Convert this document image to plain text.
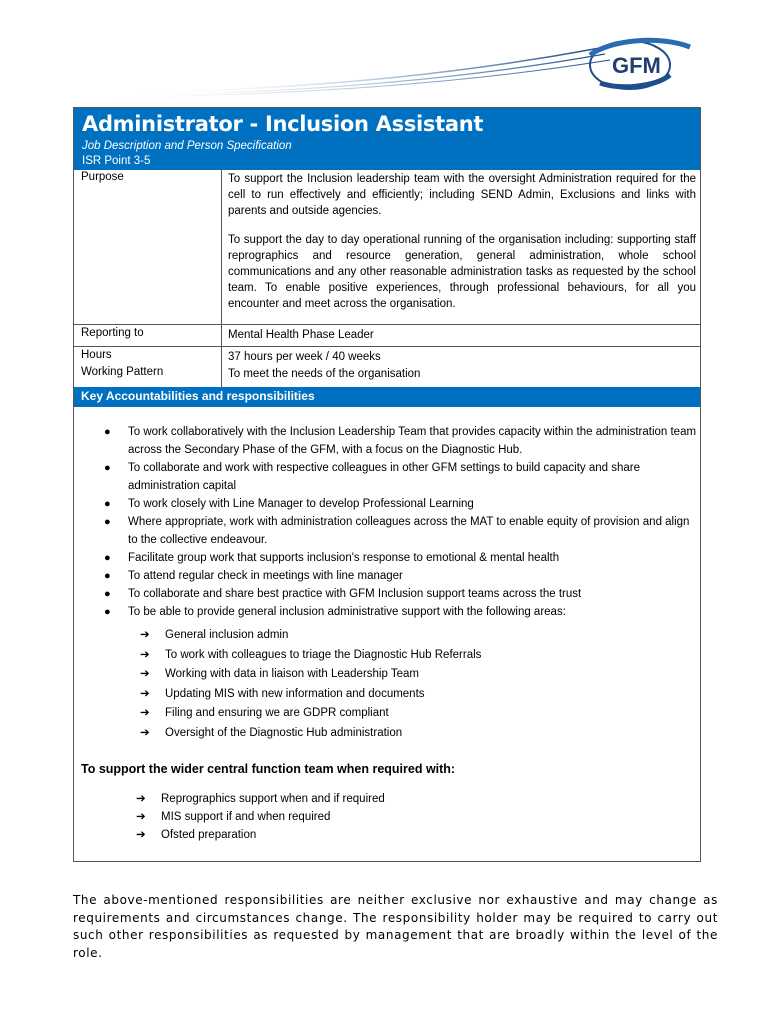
GFM
Administrator - Inclusion Assistant
Job Description and Person Specification
ISR Point 3-5
Purpose	To support the Inclusion leadership team with the oversight Administration required for the cell to run effectively and efficiently; including SEND Admin, Exclusions and links with parents and outside agencies.
To support the day to day operational running of the organisation including: supporting staff reprographics and resource generation, general administration, whole school communications and any other reasonable administration tasks as requested by the school team. To enable positive experiences, through professional behaviours, for all you encounter and meet across the organisation.
Reporting to	Mental Health Phase Leader
Hours	37 hours per week / 40 weeks
Working Pattern	To meet the needs of the organisation
Key Accountabilities and responsibilities
● To work collaboratively with the Inclusion Leadership Team that provides capacity within the administration team across the Secondary Phase of the GFM, with a focus on the Diagnostic Hub.
● To collaborate and work with respective colleagues in other GFM settings to build capacity and share administration capital
● To work closely with Line Manager to develop Professional Learning
● Where appropriate, work with administration colleagues across the MAT to enable equity of provision and align to the collective endeavour.
● Facilitate group work that supports inclusion's response to emotional & mental health
● To attend regular check in meetings with line manager
● To collaborate and share best practice with GFM Inclusion support teams across the trust
● To be able to provide general inclusion administrative support with the following areas:
➔ General inclusion admin
➔ To work with colleagues to triage the Diagnostic Hub Referrals
➔ Working with data in liaison with Leadership Team
➔ Updating MIS with new information and documents
➔ Filing and ensuring we are GDPR compliant
➔ Oversight of the Diagnostic Hub administration
To support the wider central function team when required with:
➔ Reprographics support when and if required
➔ MIS support if and when required
➔ Ofsted preparation
The above-mentioned responsibilities are neither exclusive nor exhaustive and may change as requirements and circumstances change. The responsibility holder may be required to carry out such other responsibilities as requested by management that are broadly within the level of the role.
